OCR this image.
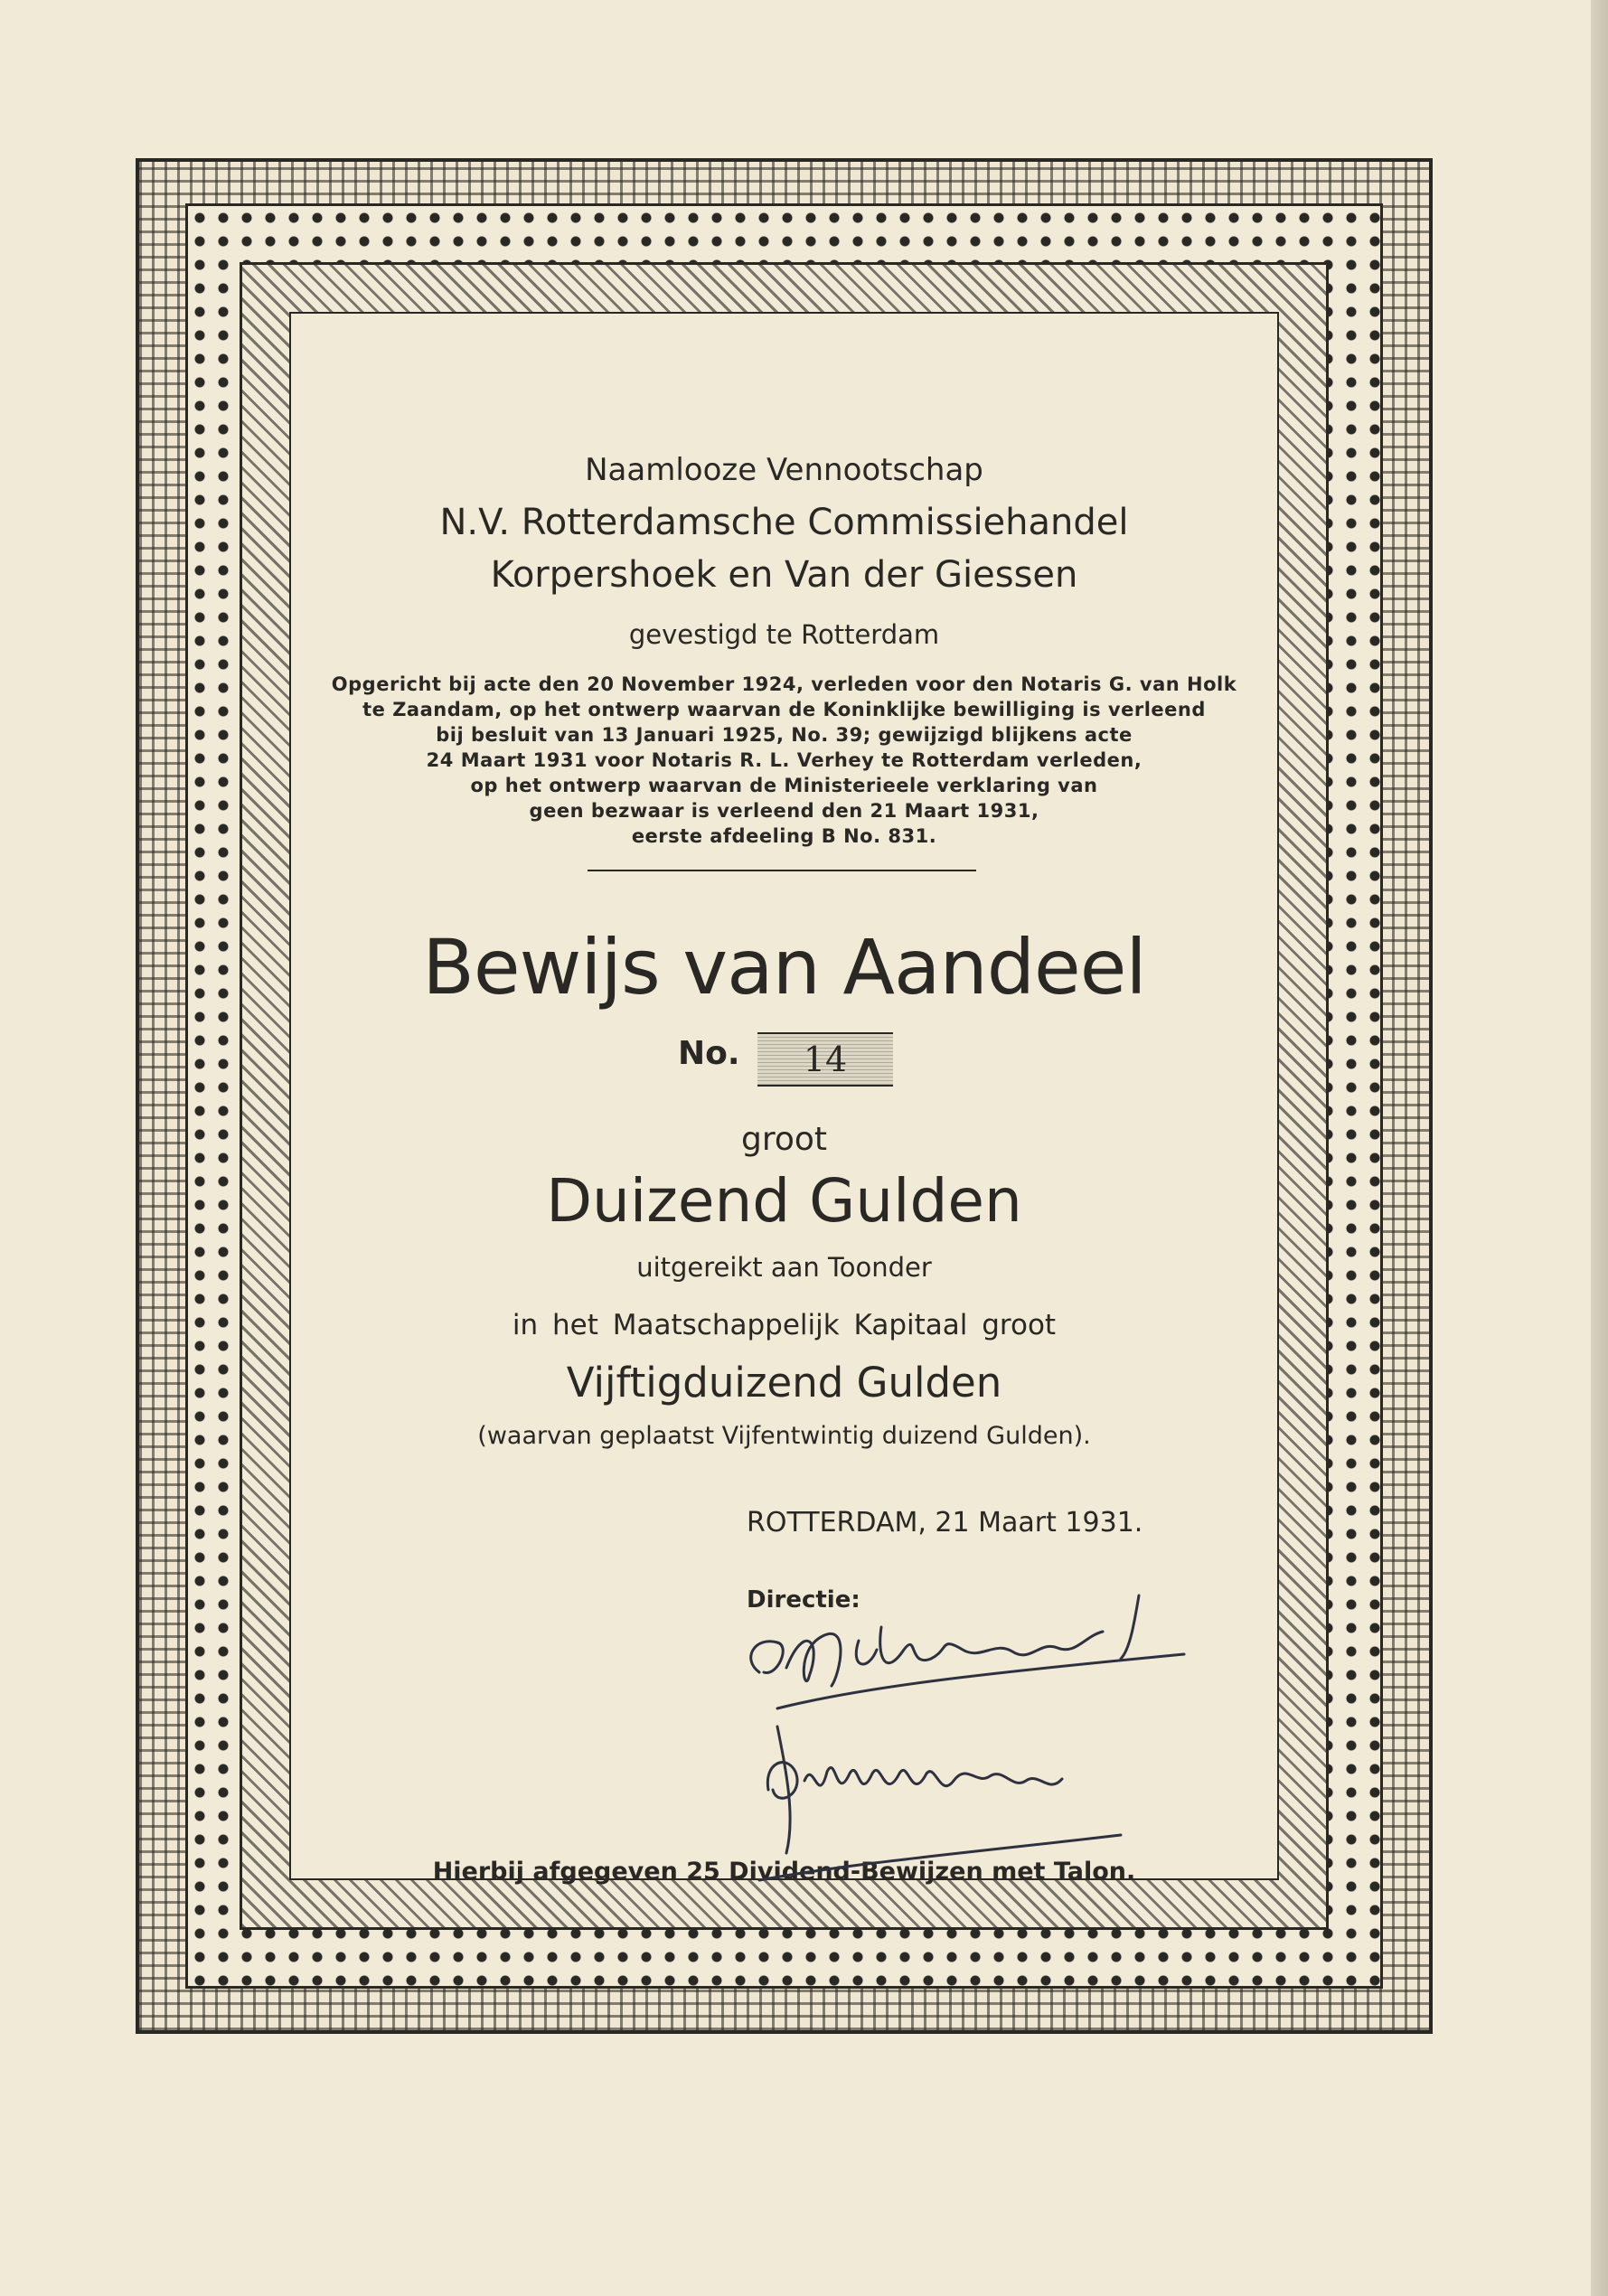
Naamlooze Vennootschap
N.V. Rotterdamsche Commissiehandel
Korpershoek en Van der Giessen
gevestigd te Rotterdam
Opgericht bij acte den 20 November 1924, verleden voor den Notaris G. van Holk
te Zaandam, op het ontwerp waarvan de Koninklijke bewilliging is verleend
bij besluit van 13 Januari 1925, No. 39; gewijzigd blijkens acte
24 Maart 1931 voor Notaris R. L. Verhey te Rotterdam verleden,
op het ontwerp waarvan de Ministerieele verklaring van
geen bezwaar is verleend den 21 Maart 1931,
eerste afdeeling B No. 831.
Bewijs van Aandeel
No.	14
groot
Duizend Gulden
uitgereikt aan Toonder
in het Maatschappelijk Kapitaal groot
Vijftigduizend Gulden
(waarvan geplaatst Vijfentwintig duizend Gulden).
ROTTERDAM, 21 Maart 1931.
Directie:
Hierbij afgegeven 25 Dividend-Bewijzen met Talon.
